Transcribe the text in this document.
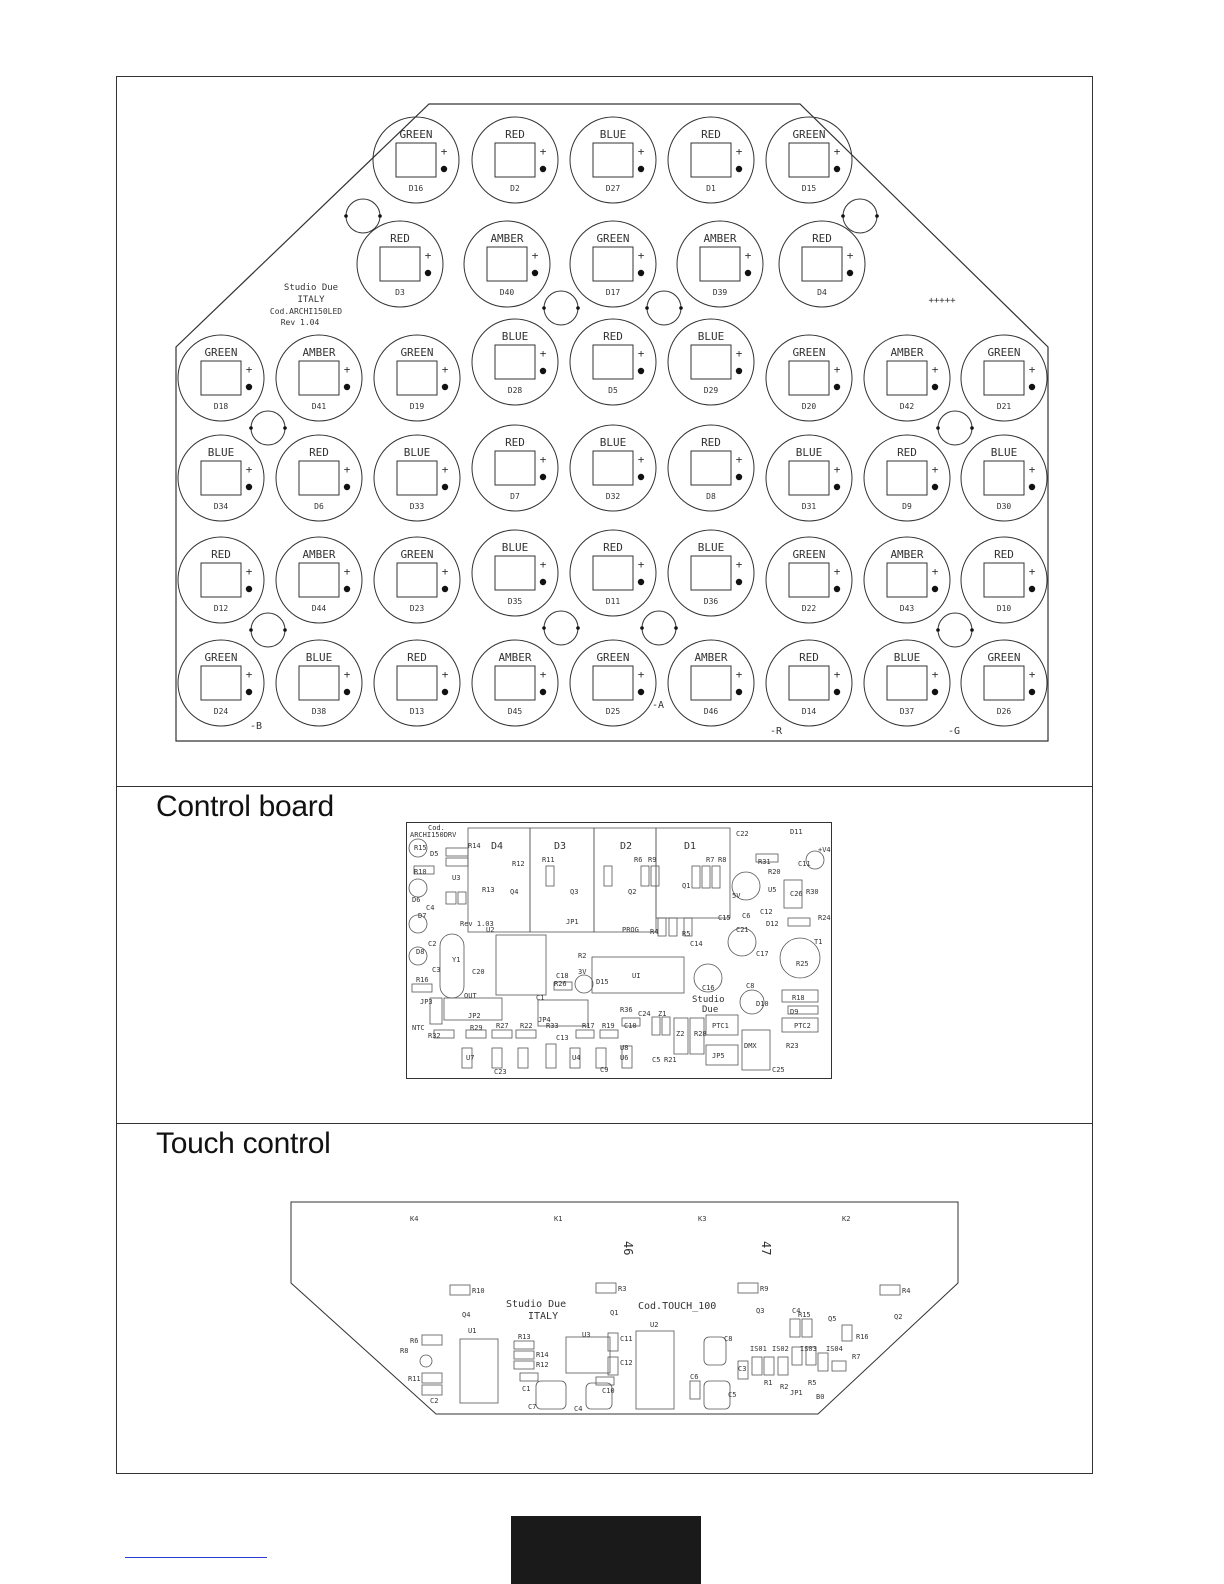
+
GREEN
D16
+
RED
D2
+
BLUE
D27
+
RED
D1
+
GREEN
D15
+
RED
D3
+
AMBER
D40
+
GREEN
D17
+
AMBER
D39
+
RED
D4
+
BLUE
D28
+
RED
D5
+
BLUE
D29
+
GREEN
D18
+
AMBER
D41
+
GREEN
D19
+
GREEN
D20
+
AMBER
D42
+
GREEN
D21
+
BLUE
D34
+
RED
D6
+
BLUE
D33
+
RED
D7
+
BLUE
D32
+
RED
D8
+
BLUE
D31
+
RED
D9
+
BLUE
D30
+
RED
D12
+
AMBER
D44
+
GREEN
D23
+
BLUE
D35
+
RED
D11
+
BLUE
D36
+
GREEN
D22
+
AMBER
D43
+
RED
D10
+
GREEN
D24
+
BLUE
D38
+
RED
D13
+
AMBER
D45
+
GREEN
D25
+
AMBER
D46
+
RED
D14
+
BLUE
D37
+
GREEN
D26
Studio Due
ITALY
Cod.ARCHI150LED
Rev 1.04
+++++
-B
-A
-R	-G
Control board
D5
R15	R14
R10
U3
D6
C4
D7
U2
C2
D8
Y1
C3
R16
C20
JP3
OUT
JP2
NTC
R32
R29 R27 R22 R33
JP4
R17 R19 C10
C13
U4	U6
C9
U7
U8
C23
R12
R13 Q4	Q3	Q2
Q1
R11	R6 R9	R7 R8
JP1
PROG R4	R5
R2
C18 3V
D15
C1
R26
R36
UI
C16
C15
C14
C6
C21
5V
C8
D10
R18
D9
PTC2
PTC1
JP5
DMX
C25
C24 Z1
Z2 R28
R21
C5
R23
R31
R20
C11
D11
+V4
C22
U5 C26 R30
R24
C12
D12
T1
R25
C17
Cod.
ARCHI150DRV
Rev 1.03
Studio
Due
D4	D3	D2	D1
Touch control
R10
Q4
R3
Q1
R9
Q3
R4
Q2
R6
R8
R11
C2
U1
R13
R14
R12
C1
C7	C4
U3	C11
C12
C10
U2
C8
C6
C5
C3
IS01 IS02 IS03 IS04
R1 R2
JP1
R5
B0
R15
C4
Q5
R16
R7
Studio Due
ITALY
Cod.TOUCH_100
K4	K1	K3	K2
46	47
